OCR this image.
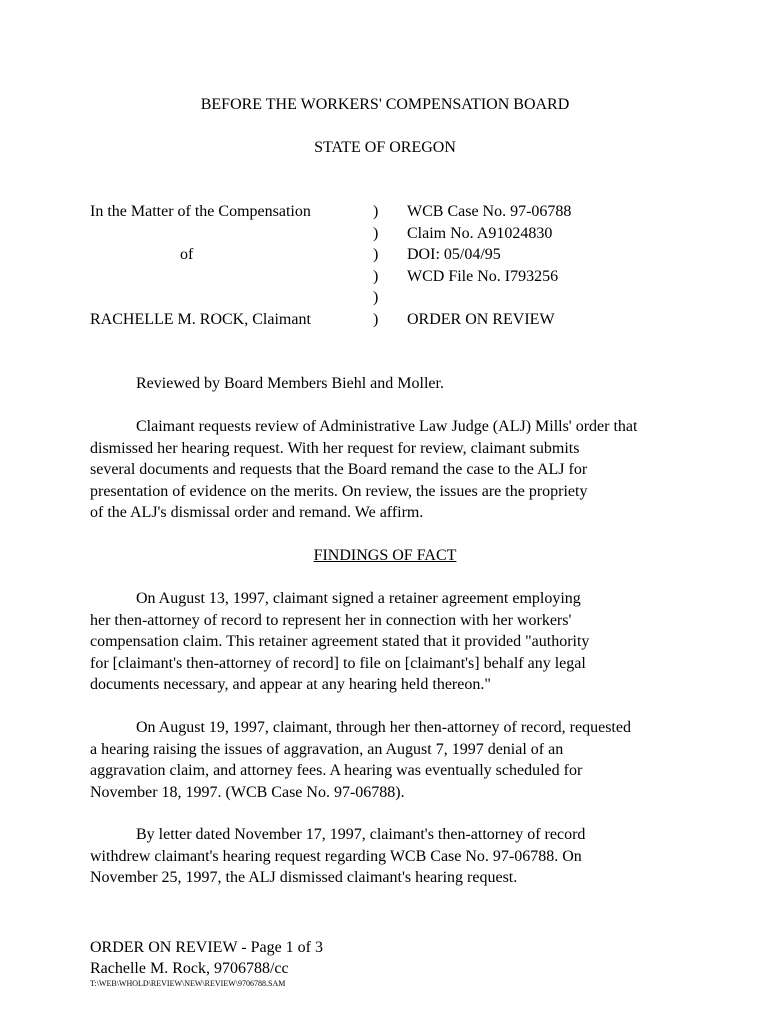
BEFORE THE WORKERS' COMPENSATION BOARD
STATE OF OREGON
In the Matter of the Compensation
of
RACHELLE M. ROCK, Claimant
)
)
)
)
)
)
WCB Case No. 97-06788
Claim No. A91024830
DOI: 05/04/95
WCD File No. I793256
ORDER ON REVIEW
Reviewed by Board Members Biehl and Moller.
Claimant requests review of Administrative Law Judge (ALJ) Mills' order that
dismissed her hearing request. With her request for review, claimant submits
several documents and requests that the Board remand the case to the ALJ for
presentation of evidence on the merits. On review, the issues are the propriety
of the ALJ's dismissal order and remand. We affirm.
FINDINGS OF FACT
On August 13, 1997, claimant signed a retainer agreement employing
her then-attorney of record to represent her in connection with her workers'
compensation claim. This retainer agreement stated that it provided "authority
for [claimant's then-attorney of record] to file on [claimant's] behalf any legal
documents necessary, and appear at any hearing held thereon."
On August 19, 1997, claimant, through her then-attorney of record, requested
a hearing raising the issues of aggravation, an August 7, 1997 denial of an
aggravation claim, and attorney fees. A hearing was eventually scheduled for
November 18, 1997. (WCB Case No. 97-06788).
By letter dated November 17, 1997, claimant's then-attorney of record
withdrew claimant's hearing request regarding WCB Case No. 97-06788. On
November 25, 1997, the ALJ dismissed claimant's hearing request.
ORDER ON REVIEW - Page 1 of 3
Rachelle M. Rock, 9706788/cc
T:\WEB\WHOLD\REVIEW\NEW\REVIEW\9706788.SAM
